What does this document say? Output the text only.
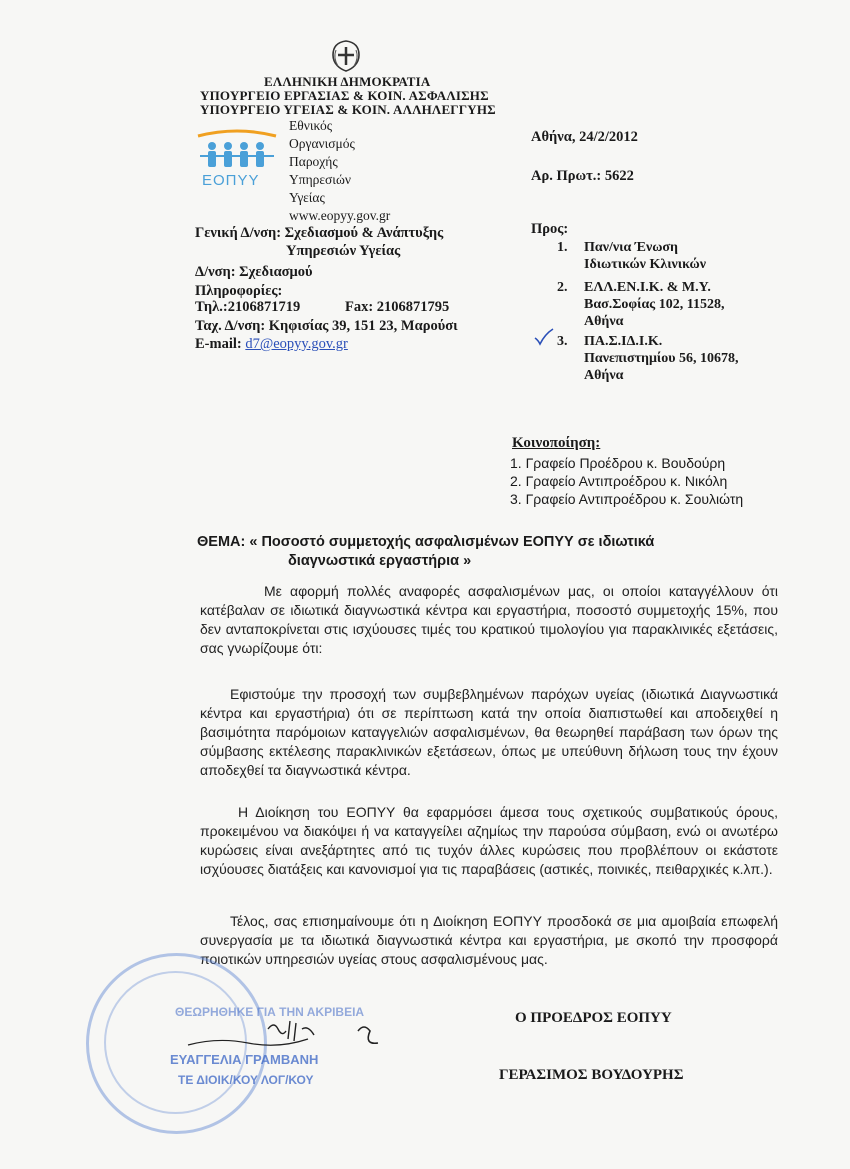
ΕΛΛΗΝΙΚΗ ΔΗΜΟΚΡΑΤΙΑ
ΥΠΟΥΡΓΕΙΟ ΕΡΓΑΣΙΑΣ & ΚΟΙΝ. ΑΣΦΑΛΙΣΗΣ
ΥΠΟΥΡΓΕΙΟ ΥΓΕΙΑΣ & ΚΟΙΝ. ΑΛΛΗΛΕΓΓΥΗΣ
ΕΟΠΥΥ
Εθνικός
Οργανισμός
Παροχής
Υπηρεσιών
Υγείας
www.eopyy.gov.gr
Γενική Δ/νση: Σχεδιασμού & Ανάπτυξης
Υπηρεσιών Υγείας
Δ/νση: Σχεδιασμού
Πληροφορίες:
Τηλ.:2106871719	Fax: 2106871795
Ταχ. Δ/νση: Κηφισίας 39, 151 23, Μαρούσι
E-mail: d7@eopyy.gov.gr
Αθήνα, 24/2/2012
Αρ. Πρωτ.: 5622
Προς:
1. Παν/νια Ένωση
Ιδιωτικών Κλινικών
2. ΕΛΛ.ΕΝ.Ι.Κ. & Μ.Υ.
Βασ.Σοφίας 102, 11528,
Αθήνα
3. ΠΑ.Σ.ΙΔ.Ι.Κ.
Πανεπιστημίου 56, 10678,
Αθήνα
Κοινοποίηση:
1. Γραφείο Προέδρου κ. Βουδούρη
2. Γραφείο Αντιπροέδρου κ. Νικόλη
3. Γραφείο Αντιπροέδρου κ. Σουλιώτη
ΘΕΜΑ: « Ποσοστό συμμετοχής ασφαλισμένων ΕΟΠΥΥ σε ιδιωτικά
διαγνωστικά εργαστήρια »
Με αφορμή πολλές αναφορές ασφαλισμένων μας, οι οποίοι καταγγέλλουν ότι κατέβαλαν σε ιδιωτικά διαγνωστικά κέντρα και εργαστήρια, ποσοστό συμμετοχής 15%, που δεν ανταποκρίνεται στις ισχύουσες τιμές του κρατικού τιμολογίου για παρακλινικές εξετάσεις, σας γνωρίζουμε ότι:
Εφιστούμε την προσοχή των συμβεβλημένων παρόχων υγείας (ιδιωτικά Διαγνωστικά κέντρα και εργαστήρια) ότι σε περίπτωση κατά την οποία διαπιστωθεί και αποδειχθεί η βασιμότητα παρόμοιων καταγγελιών ασφαλισμένων, θα θεωρηθεί παράβαση των όρων της σύμβασης εκτέλεσης παρακλινικών εξετάσεων, όπως με υπεύθυνη δήλωση τους την έχουν αποδεχθεί τα διαγνωστικά κέντρα.
Η Διοίκηση του ΕΟΠΥΥ θα εφαρμόσει άμεσα τους σχετικούς συμβατικούς όρους, προκειμένου να διακόψει ή να καταγγείλει αζημίως την παρούσα σύμβαση, ενώ οι ανωτέρω κυρώσεις είναι ανεξάρτητες από τις τυχόν άλλες κυρώσεις που προβλέπουν οι εκάστοτε ισχύουσες διατάξεις και κανονισμοί για τις παραβάσεις (αστικές, ποινικές, πειθαρχικές κ.λπ.).
Τέλος, σας επισημαίνουμε ότι η Διοίκηση ΕΟΠΥΥ προσδοκά σε μια αμοιβαία επωφελή συνεργασία με τα ιδιωτικά διαγνωστικά κέντρα και εργαστήρια, με σκοπό την προσφορά ποιοτικών υπηρεσιών υγείας στους ασφαλισμένους μας.
ΘΕΩΡΗΘΗΚΕ ΓΙΑ ΤΗΝ ΑΚΡΙΒΕΙΑ
ΕΥΑΓΓΕΛΙΑ ΓΡΑΜΒΑΝΗ
ΤΕ ΔΙΟΙΚ/ΚΟΥ ΛΟΓ/ΚΟΥ
Ο ΠΡΟΕΔΡΟΣ ΕΟΠΥΥ
ΓΕΡΑΣΙΜΟΣ ΒΟΥΔΟΥΡΗΣ
